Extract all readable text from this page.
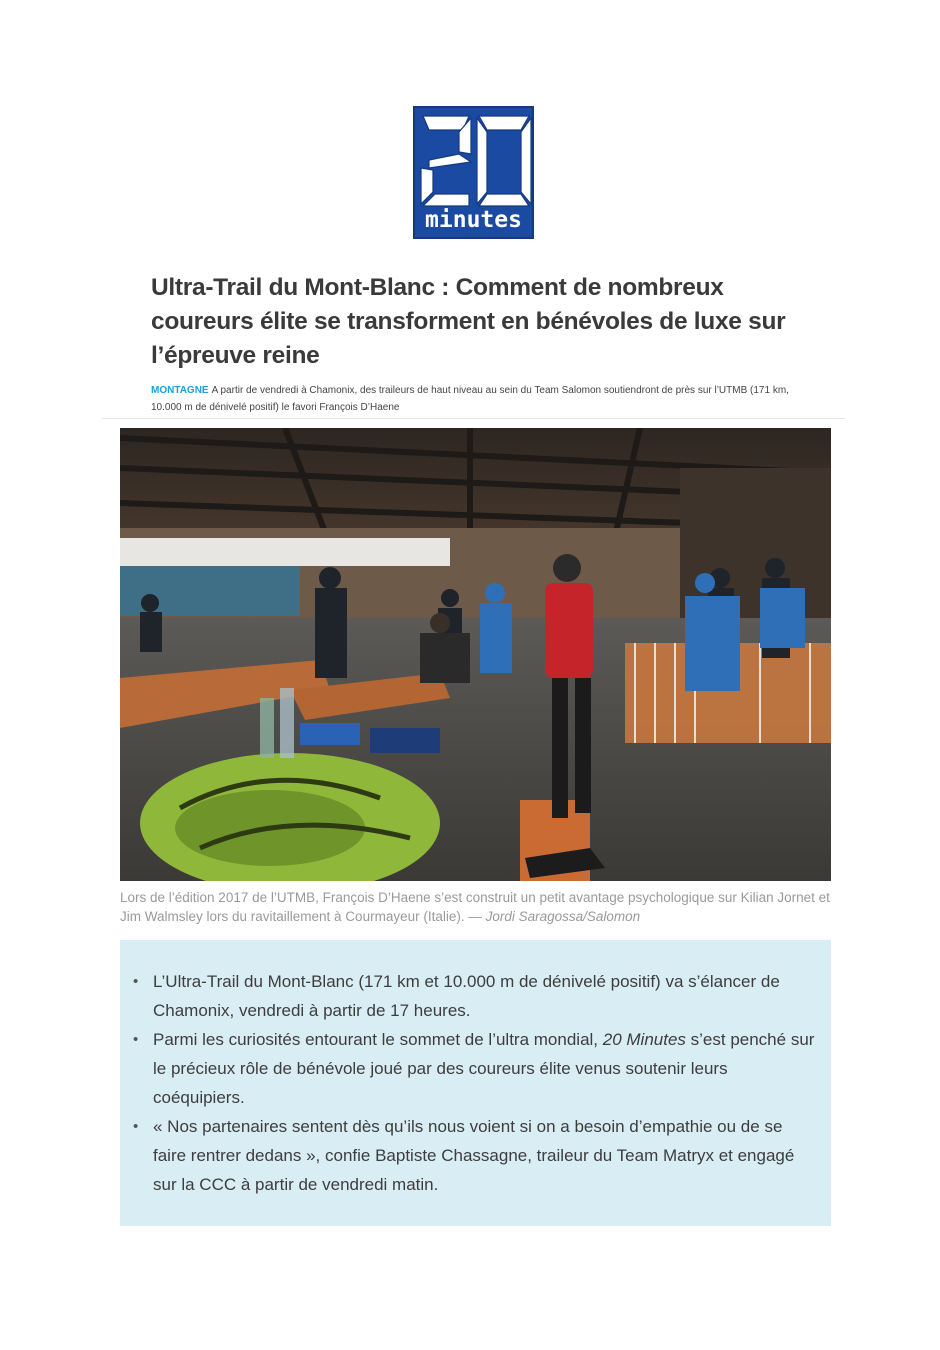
minutes
Ultra-Trail du Mont-Blanc : Comment de nombreux coureurs élite se transforment en bénévoles de luxe sur l’épreuve reine
MONTAGNE A partir de vendredi à Chamonix, des traileurs de haut niveau au sein du Team Salomon soutiendront de près sur l’UTMB (171 km, 10.000 m de dénivelé positif) le favori François D’Haene
Lors de l’édition 2017 de l’UTMB, François D’Haene s’est construit un petit avantage psychologique sur Kilian Jornet et Jim Walmsley lors du ravitaillement à Courmayeur (Italie). — Jordi Saragossa/Salomon
• L’Ultra-Trail du Mont-Blanc (171 km et 10.000 m de dénivelé positif) va s’élancer de Chamonix, vendredi à partir de 17 heures.
• Parmi les curiosités entourant le sommet de l’ultra mondial, 20 Minutes s’est penché sur le précieux rôle de bénévole joué par des coureurs élite venus soutenir leurs coéquipiers.
• « Nos partenaires sentent dès qu’ils nous voient si on a besoin d’empathie ou de se faire rentrer dedans », confie Baptiste Chassagne, traileur du Team Matryx et engagé sur la CCC à partir de vendredi matin.
